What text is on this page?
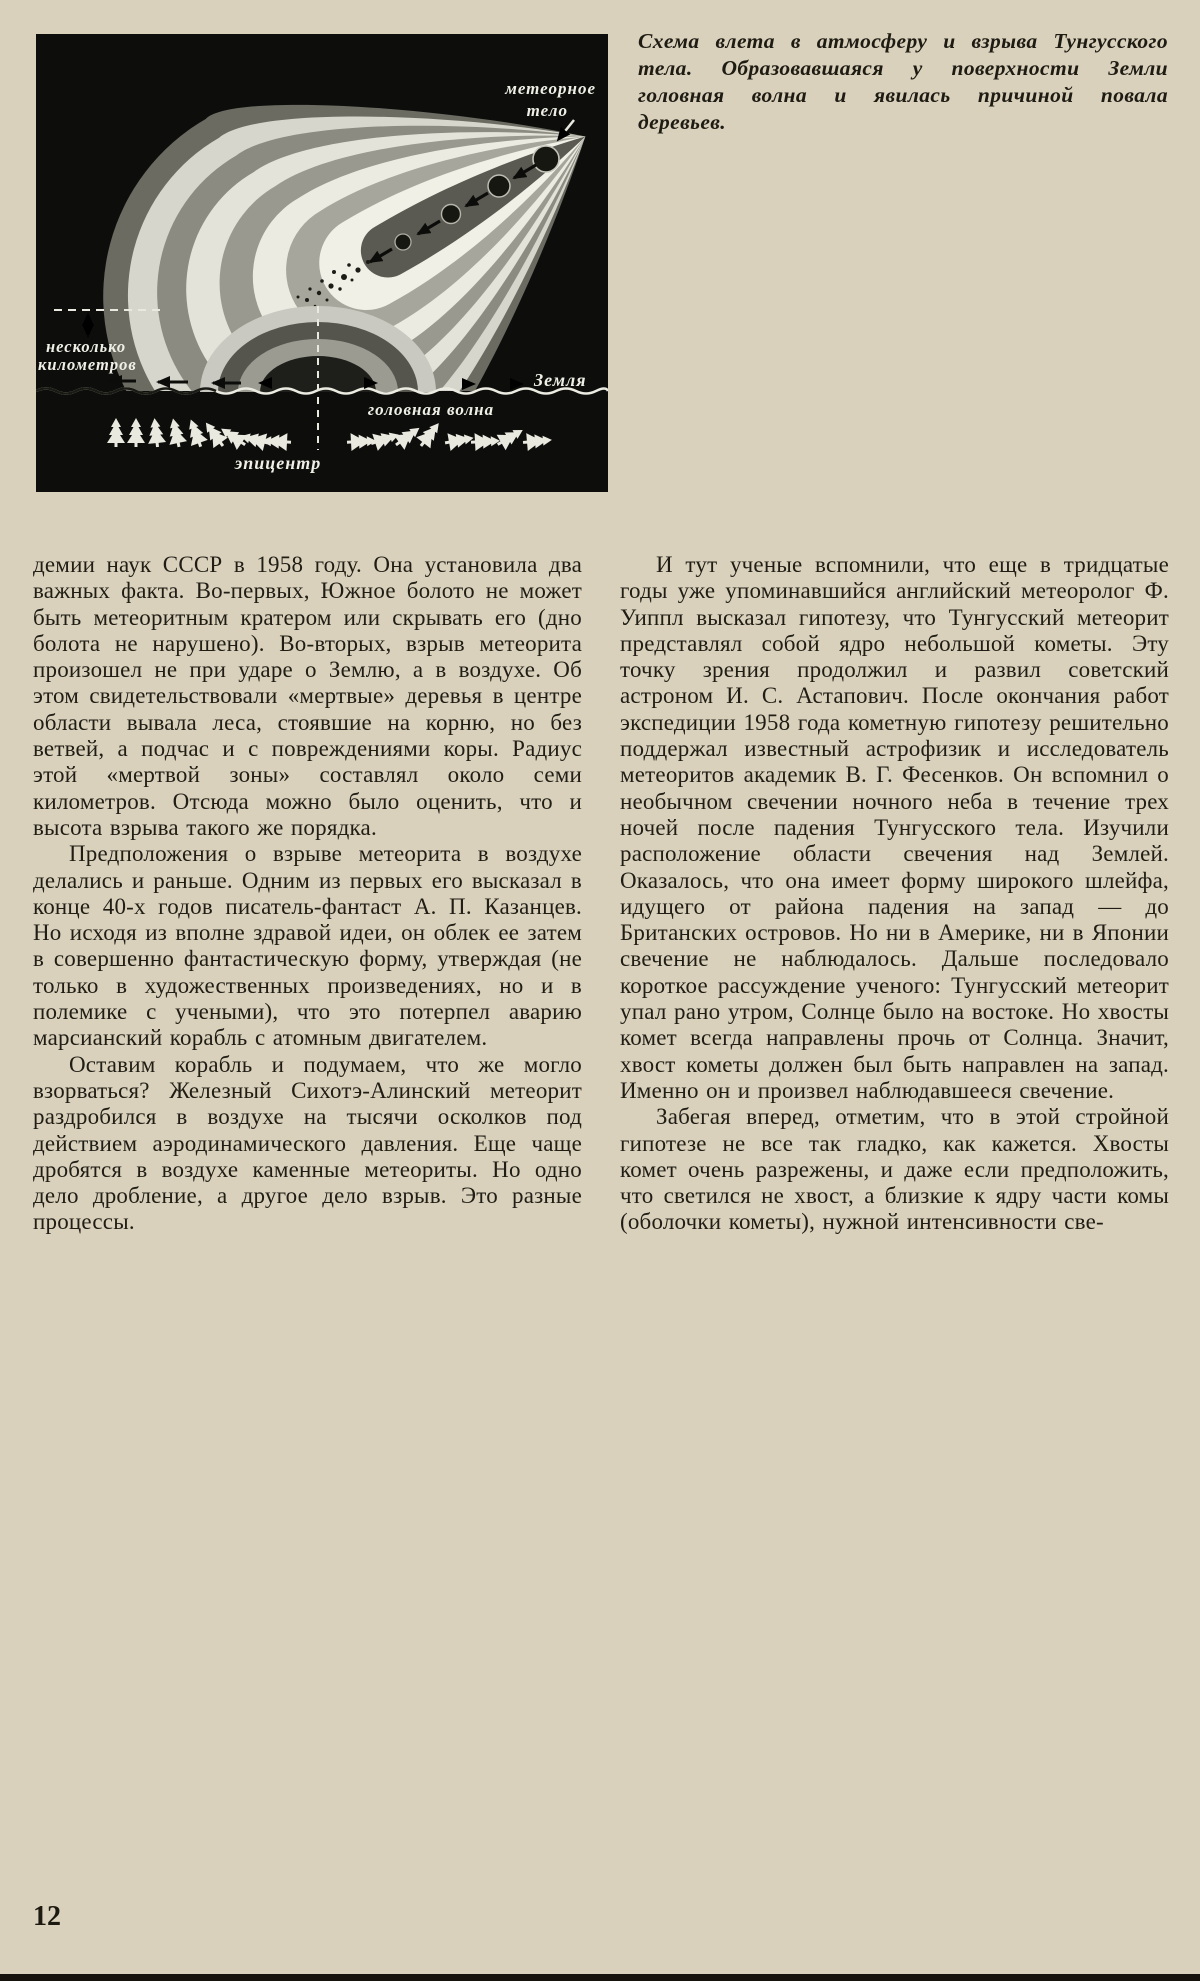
метеорное
тело
несколько
километров
Земля
головная волна
эпицентр
Схема влета в атмосферу и взрыва Тунгусского тела. Образовавшаяся у поверхности Земли головная волна и явилась причиной повала деревьев.

демии наук СССР в 1958 году. Она установила два важных факта. Во-первых, Южное болото не может быть метеоритным кратером или скрывать его (дно болота не нарушено). Во-вторых, взрыв метеорита произошел не при ударе о Землю, а в воздухе. Об этом свидетельствовали «мертвые» деревья в центре области вывала леса, стоявшие на корню, но без ветвей, а подчас и с повреждениями коры. Радиус этой «мертвой зоны» составлял около семи километров. Отсюда можно было оценить, что и высота взрыва такого же порядка.

Предположения о взрыве метеорита в воздухе делались и раньше. Одним из первых его высказал в конце 40-х годов писатель-фантаст А. П. Казанцев. Но исходя из вполне здравой идеи, он облек ее затем в совершенно фантастическую форму, утверждая (не только в художественных произведениях, но и в полемике с учеными), что это потерпел аварию марсианский корабль с атомным двигателем.

Оставим корабль и подумаем, что же могло взорваться? Железный Сихотэ-Алинский метеорит раздробился в воздухе на тысячи осколков под действием аэродинамического давления. Еще чаще дробятся в воздухе каменные метеориты. Но одно дело дробление, а другое дело взрыв. Это разные процессы.

И тут ученые вспомнили, что еще в тридцатые годы уже упоминавшийся английский метеоролог Ф. Уиппл высказал гипотезу, что Тунгусский метеорит представлял собой ядро небольшой кометы. Эту точку зрения продолжил и развил советский астроном И. С. Астапович. После окончания работ экспедиции 1958 года кометную гипотезу решительно поддержал известный астрофизик и исследователь метеоритов академик В. Г. Фесенков. Он вспомнил о необычном свечении ночного неба в течение трех ночей после падения Тунгусского тела. Изучили расположение области свечения над Землей. Оказалось, что она имеет форму широкого шлейфа, идущего от района падения на запад — до Британских островов. Но ни в Америке, ни в Японии свечение не наблюдалось. Дальше последовало короткое рассуждение ученого: Тунгусский метеорит упал рано утром, Солнце было на востоке. Но хвосты комет всегда направлены прочь от Солнца. Значит, хвост кометы должен был быть направлен на запад. Именно он и произвел наблюдавшееся свечение.

Забегая вперед, отметим, что в этой стройной гипотезе не все так гладко, как кажется. Хвосты комет очень разрежены, и даже если предположить, что светился не хвост, а близкие к ядру части комы (оболочки кометы), нужной интенсивности све-

12
